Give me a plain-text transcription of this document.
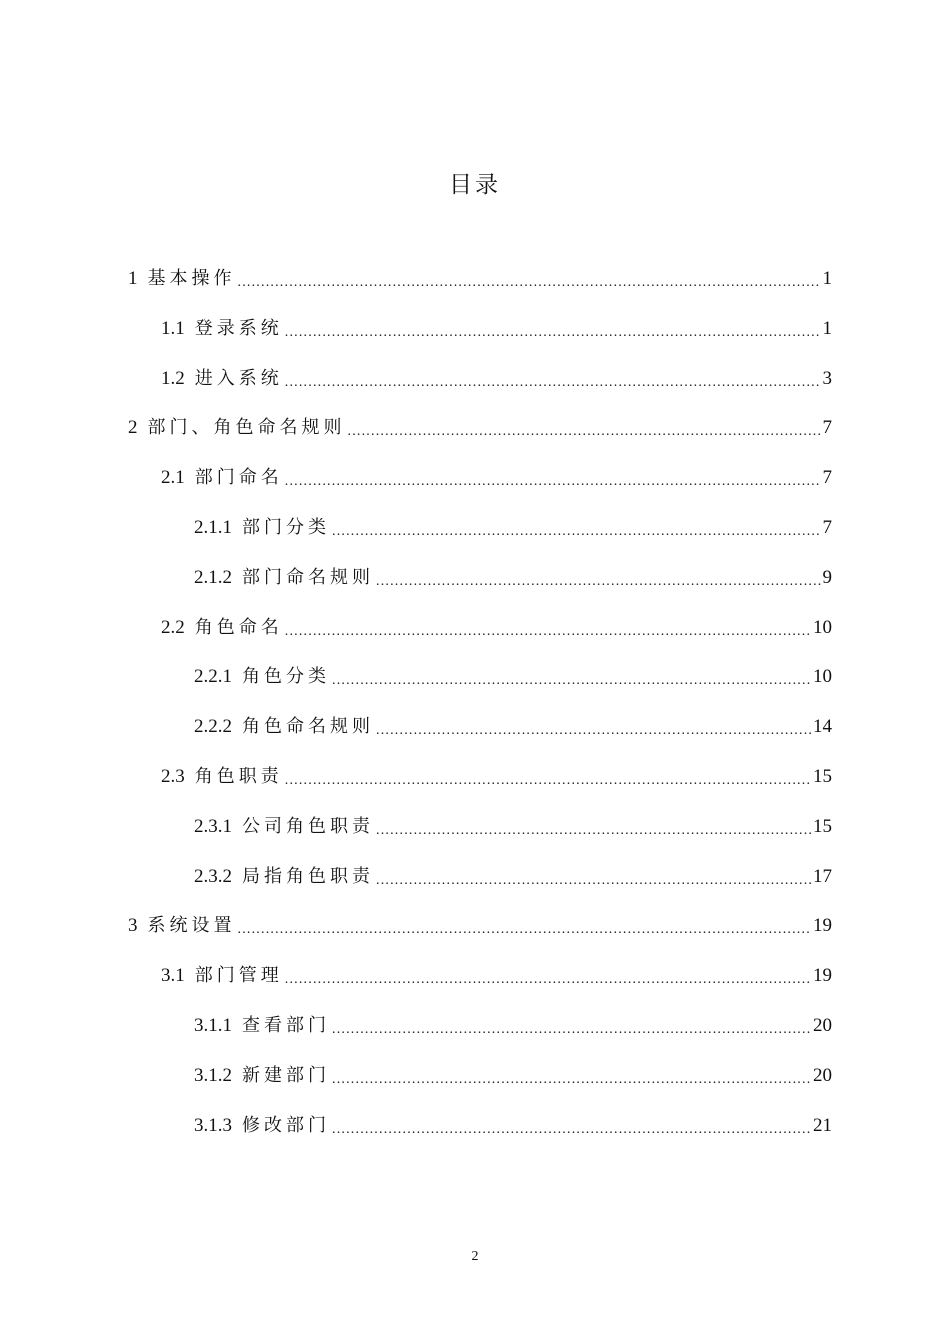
目录
1 基本操作 .....	1
1.1 登录系统 .....	1
1.2 进入系统 .....	3
2 部门、角色命名规则 .....	7
2.1 部门命名 .....	7
2.1.1 部门分类 .....	7
2.1.2 部门命名规则 .....	9
2.2 角色命名 .....	10
2.2.1 角色分类 .....	10
2.2.2 角色命名规则 .....	14
2.3 角色职责 .....	15
2.3.1 公司角色职责 .....	15
2.3.2 局指角色职责 .....	17
3 系统设置 .....	19
3.1 部门管理 .....	19
3.1.1 查看部门 .....	20
3.1.2 新建部门 .....	20
3.1.3 修改部门 .....	21
2
